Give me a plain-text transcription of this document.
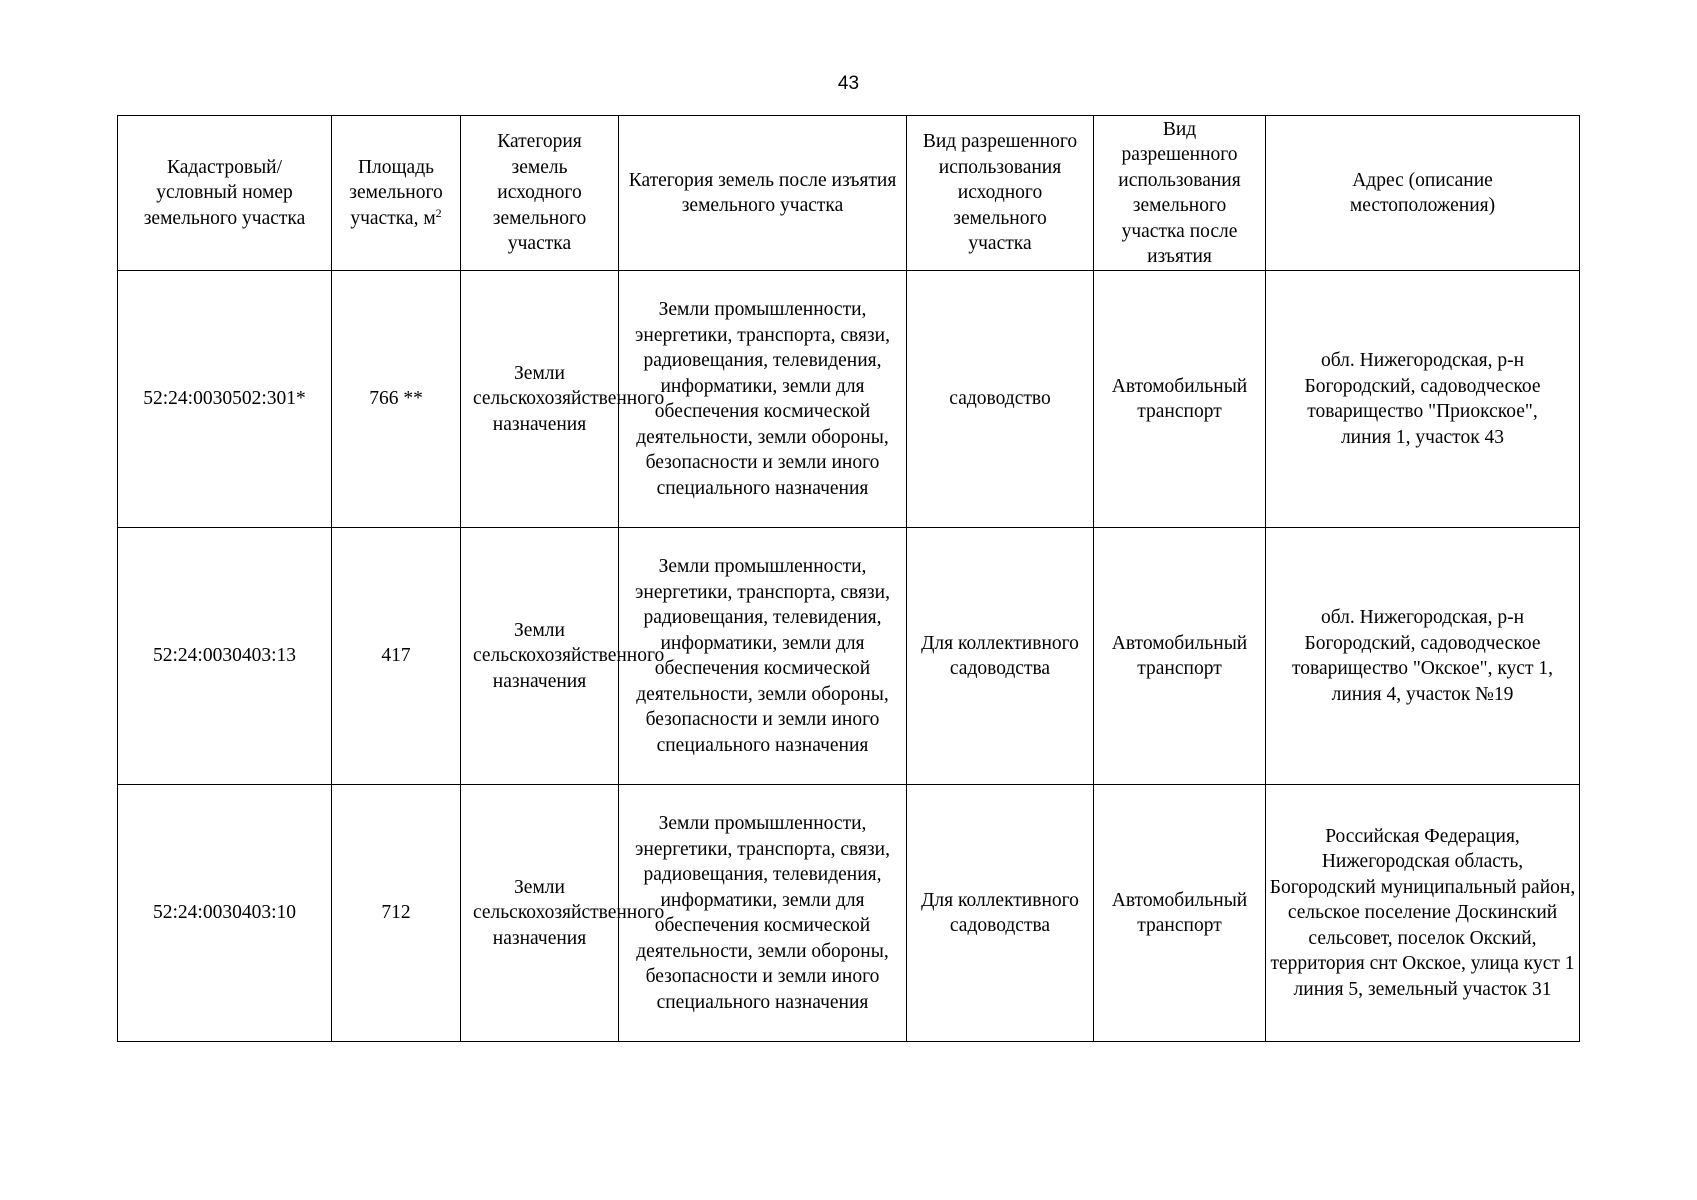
43
Кадастровый/ условный номер земельного участка	Площадь земельного участка, $м^2$	Категория земель исходного земельного участка	Категория земель после изъятия земельного участка	Вид разрешенного использования исходного земельного участка	Вид разрешенного использования земельного участка после изъятия	Адрес (описание местоположения)
52:24:0030502:301*	766 **	Земли сельскохозяйственного назначения	Земли промышленности, энергетики, транспорта, связи, радиовещания, телевидения, информатики, земли для обеспечения космической деятельности, земли обороны, безопасности и земли иного специального назначения	садоводство	Автомобильный транспорт	обл. Нижегородская, р-н Богородский, садоводческое товарищество "Приокское", линия 1, участок 43
52:24:0030403:13	417	Земли сельскохозяйственного назначения	Земли промышленности, энергетики, транспорта, связи, радиовещания, телевидения, информатики, земли для обеспечения космической деятельности, земли обороны, безопасности и земли иного специального назначения	Для коллективного садоводства	Автомобильный транспорт	обл. Нижегородская, р-н Богородский, садоводческое товарищество "Окское", куст 1, линия 4, участок №19
52:24:0030403:10	712	Земли сельскохозяйственного назначения	Земли промышленности, энергетики, транспорта, связи, радиовещания, телевидения, информатики, земли для обеспечения космической деятельности, земли обороны, безопасности и земли иного специального назначения	Для коллективного садоводства	Автомобильный транспорт	Российская Федерация, Нижегородская область, Богородский муниципальный район, сельское поселение Доскинский сельсовет, поселок Окский, территория снт Окское, улица куст 1 линия 5, земельный участок 31
